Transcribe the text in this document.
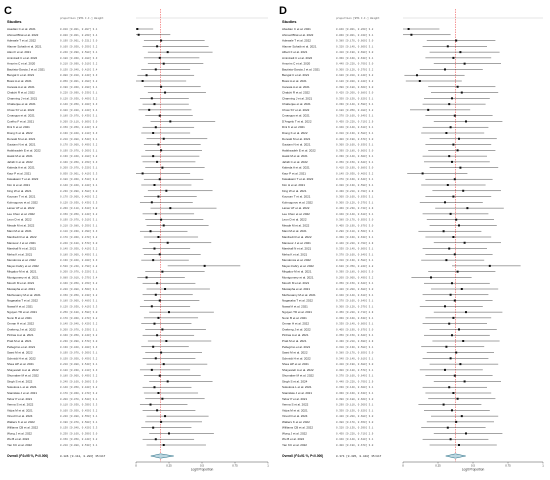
C
Studies
proportion [95% C.I.] Weight
Asadian C et al. 2021	0.010 [0.001, 0.087] 3.1
Ahmad Bhat et al. 2022	0.020 [0.001, 0.260] 3.4
Adewale T et al. 2022	0.190 [0.061, 0.521] 3.0
Alamer Sohaib et al. 2021	0.160 [0.050, 0.550] 3.2
Alavi F et al. 2021	0.240 [0.090, 0.580] 3.1
Aminzadi C et al. 2022	0.180 [0.060, 0.480] 3.3
Amorim C et al. 2020	0.210 [0.090, 0.510] 3.2
Bautista-Garcia J et al. 2021	0.150 [0.040, 0.410] 3.4
Bengal C et al. 2021	0.080 [0.010, 0.440] 3.3
Bossi A et al. 2021	0.050 [0.001, 0.380] 3.2
Caresia A et al. 2021	0.190 [0.060, 0.490] 3.1
Chalchi R et al. 2022	0.220 [0.090, 0.530] 3.1
Charming J et al. 2021	0.120 [0.030, 0.400] 3.2
Chatterjee et al. 2021	0.140 [0.050, 0.400] 3.3
Chow SY et al. 2022	0.100 [0.020, 0.420] 3.4
Cmangus et al. 2021	0.180 [0.070, 0.430] 3.1
Coelho F et al. 2021	0.260 [0.110, 0.600] 3.0
Dini K et al. 2021	0.150 [0.050, 0.440] 3.2
Diong K et al. 2022	0.130 [0.040, 0.410] 3.3
Doreski M et al. 2021	0.210 [0.080, 0.540] 3.1
Gautam N et al. 2021	0.170 [0.060, 0.490] 3.2
Habibzadeh E et al. 2022	0.190 [0.070, 0.500] 3.1
Hasik M et al. 2021	0.130 [0.040, 0.480] 3.2
Jahidi C et al. 2022	0.160 [0.050, 0.450] 3.3
Kabeda A et al. 2021	0.200 [0.070, 0.520] 3.1
Kaur P et al. 2021	0.050 [0.001, 0.410] 3.3
Kawakami T et al. 2022	0.180 [0.060, 0.510] 3.2
Kim H et al. 2021	0.140 [0.040, 0.420] 3.1
King W et al. 2021	0.230 [0.090, 0.580] 3.0
Kousum T et al. 2021	0.170 [0.060, 0.460] 3.2
Kolmogorov et al. 2022	0.120 [0.030, 0.430] 3.3
Lainer AT et al. 2022	0.260 [0.110, 0.610] 3.0
Lee Chen et al. 2022	0.150 [0.050, 0.440] 3.2
Leon D et al. 2022	0.190 [0.070, 0.510] 3.1
Meade M et al. 2022	0.210 [0.080, 0.550] 3.1
Mani M et al. 2021	0.110 [0.030, 0.390] 3.3
Manfredi R et al. 2022	0.170 [0.060, 0.470] 3.2
Mansour J et al. 2021	0.240 [0.100, 0.570] 3.0
Marshall N et al. 2021	0.140 [0.050, 0.410] 3.2
Meha K et al. 2021	0.180 [0.060, 0.490] 3.1
Mendonca et al. 2022	0.130 [0.040, 0.400] 3.3
Meyer-Fabry et al. 2022	0.520 [0.240, 0.790] 2.8
Mirgalov M et al. 2021	0.200 [0.070, 0.520] 3.1
Montgomery et al. 2021	0.080 [0.010, 0.370] 3.4
Mouch M et al. 2021	0.160 [0.050, 0.450] 3.2
Mustapha et al. 2021	0.220 [0.080, 0.560] 3.1
Muthusamy M et al. 2021	0.150 [0.050, 0.430] 3.2
Nagasaka T et al. 2022	0.180 [0.060, 0.480] 3.1
Nawaf A et al. 2021	0.120 [0.030, 0.410] 3.3
Nguyen TD et al. 2021	0.250 [0.100, 0.590] 3.0
Nunn B et al. 2021	0.170 [0.060, 0.470] 3.2
Omran H et al. 2022	0.140 [0.040, 0.420] 3.2
Oseberg J et al. 2022	0.200 [0.070, 0.530] 3.1
Pinhas A et al. 2021	0.160 [0.050, 0.440] 3.2
Pratt M et al. 2021	0.230 [0.090, 0.570] 3.0
Pellegrino et al. 2021	0.130 [0.040, 0.400] 3.3
Sassi M et al. 2022	0.190 [0.070, 0.500] 3.1
Schmidt H et al. 2022	0.150 [0.050, 0.450] 3.2
Shea HP et al. 2021	0.210 [0.080, 0.540] 3.1
Shayesteh A et al. 2022	0.120 [0.030, 0.410] 3.3
Shumaker M et al. 2022	0.180 [0.060, 0.490] 3.2
Singh S et al. 2022	0.240 [0.100, 0.580] 3.0
Sokolova L et al. 2021	0.140 [0.050, 0.420] 3.2
Stanislaw J et al. 2021	0.170 [0.060, 0.470] 3.2
Tabor P et al. 2021	0.200 [0.070, 0.520] 3.1
Verma S et al. 2022	0.110 [0.030, 0.390] 3.3
Vidya M et al. 2021	0.160 [0.050, 0.450] 3.2
Vinod D et al. 2024	0.220 [0.080, 0.550] 3.1
Walters K et al. 2022	0.190 [0.070, 0.500] 3.1
Williams CB et al. 2022	0.130 [0.040, 0.420] 3.3
Wong J et al. 2022	0.250 [0.100, 0.590] 3.0
Wu B et al. 2022	0.150 [0.050, 0.440] 3.2
Yan KC et al. 2022	0.210 [0.080, 0.530] 3.1
Overall (I^2=95 %, P<0.000)	0.186 [0.112, 0.286] 35/817
0	0.25	0.5	0.75	1
Logit Proportion
D
Studies
proportion [95% C.I.] Weight
Abedian C et al. 2021	0.040 [0.001, 0.260] 3.2
Ahmad Bhat et al. 2022	0.060 [0.001, 0.340] 3.1
Adewale T et al. 2022	0.380 [0.170, 0.660] 3.0
Alamer Sohaib et al. 2021	0.320 [0.140, 0.600] 3.1
Albert F et al. 2021	0.410 [0.190, 0.690] 3.0
Aminzadi C et al. 2022	0.360 [0.160, 0.630] 3.1
Amorim C et al. 2020	0.440 [0.220, 0.700] 3.0
Bautista-Garcia J et al. 2021	0.300 [0.120, 0.570] 3.2
Bengal C et al. 2021	0.100 [0.010, 0.440] 3.2
Bossi A et al. 2021	0.120 [0.020, 0.420] 3.2
Caresia A et al. 2021	0.390 [0.180, 0.660] 3.0
Chalchi R et al. 2022	0.420 [0.200, 0.680] 3.0
Charming J et al. 2021	0.350 [0.150, 0.620] 3.1
Chatterjee et al. 2021	0.330 [0.140, 0.590] 3.1
Chow SY et al. 2022	0.180 [0.050, 0.480] 3.2
Cmangus et al. 2021	0.370 [0.160, 0.640] 3.1
D'Angelo T et al. 2022	0.450 [0.220, 0.710] 2.9
Dini K et al. 2021	0.340 [0.140, 0.610] 3.1
Diong K et al. 2022	0.310 [0.130, 0.580] 3.1
Doreski M et al. 2021	0.400 [0.190, 0.670] 3.0
Gautam N et al. 2021	0.360 [0.160, 0.630] 3.1
Habibzadeh E et al. 2022	0.390 [0.180, 0.660] 3.0
Hasik M et al. 2021	0.330 [0.140, 0.600] 3.1
Jahidi C et al. 2022	0.350 [0.150, 0.620] 3.1
Kabeda A et al. 2021	0.410 [0.190, 0.680] 3.0
Kaur P et al. 2021	0.140 [0.030, 0.460] 3.2
Kawakami T et al. 2022	0.370 [0.160, 0.640] 3.1
Kim H et al. 2021	0.320 [0.130, 0.590] 3.1
King W et al. 2021	0.430 [0.210, 0.700] 2.9
Kousum T et al. 2021	0.360 [0.160, 0.630] 3.1
Kolmogorov et al. 2022	0.300 [0.120, 0.570] 3.1
Lainer AT et al. 2022	0.460 [0.230, 0.720] 2.9
Lee Chen et al. 2022	0.340 [0.140, 0.610] 3.1
Leon D et al. 2022	0.380 [0.170, 0.650] 3.0
Meade M et al. 2022	0.400 [0.190, 0.670] 3.0
Mani M et al. 2021	0.290 [0.110, 0.560] 3.1
Manfredi R et al. 2022	0.360 [0.160, 0.630] 3.1
Mansour J et al. 2021	0.440 [0.220, 0.700] 2.9
Marshall N et al. 2021	0.330 [0.140, 0.600] 3.1
Meha K et al. 2021	0.370 [0.160, 0.640] 3.1
Mendonca et al. 2022	0.310 [0.130, 0.580] 3.1
Meyer-Fabry et al. 2022	0.620 [0.350, 0.840] 2.8
Mirgalov M et al. 2021	0.390 [0.180, 0.660] 3.0
Montgomery et al. 2021	0.200 [0.060, 0.490] 3.2
Mouch M et al. 2021	0.350 [0.150, 0.620] 3.1
Mustapha et al. 2021	0.420 [0.200, 0.680] 3.0
Muthusamy M et al. 2021	0.340 [0.140, 0.610] 3.1
Nagasaka T et al. 2022	0.370 [0.160, 0.640] 3.1
Nawaf A et al. 2021	0.300 [0.120, 0.570] 3.1
Nguyen TD et al. 2021	0.450 [0.220, 0.710] 2.9
Nunn B et al. 2021	0.360 [0.160, 0.630] 3.1
Omran H et al. 2022	0.330 [0.140, 0.600] 3.1
Oseberg J et al. 2022	0.400 [0.190, 0.670] 3.0
Pinhas A et al. 2021	0.350 [0.150, 0.620] 3.1
Pratt M et al. 2021	0.430 [0.210, 0.690] 2.9
Pellegrino et al. 2021	0.310 [0.130, 0.580] 3.1
Sassi M et al. 2022	0.380 [0.170, 0.650] 3.0
Schmidt H et al. 2022	0.340 [0.140, 0.610] 3.1
Shea HP et al. 2021	0.410 [0.190, 0.680] 3.0
Shayesteh A et al. 2022	0.300 [0.120, 0.570] 3.1
Shumaker M et al. 2022	0.370 [0.160, 0.640] 3.1
Singh S et al. 2024	0.440 [0.220, 0.700] 2.9
Sokolova L et al. 2021	0.330 [0.140, 0.600] 3.1
Stanislaw J et al. 2021	0.360 [0.160, 0.630] 3.1
Tabor P et al. 2021	0.390 [0.180, 0.660] 3.0
Verma S et al. 2022	0.290 [0.110, 0.560] 3.1
Vidya M et al. 2021	0.350 [0.150, 0.620] 3.1
Vinod D et al. 2024	0.420 [0.200, 0.680] 3.0
Walters K et al. 2022	0.380 [0.170, 0.650] 3.0
Williams CB et al. 2022	0.320 [0.130, 0.590] 3.1
Wong J et al. 2022	0.450 [0.220, 0.710] 2.9
Wu B et al. 2022	0.340 [0.140, 0.610] 3.1
Yan KC et al. 2022	0.400 [0.190, 0.670] 3.0
Overall (I^2=91 %, P<0.000)	0.374 [0.305, 0.448] 35/817
0	0.25	0.5	0.75	1
Logit Proportion
